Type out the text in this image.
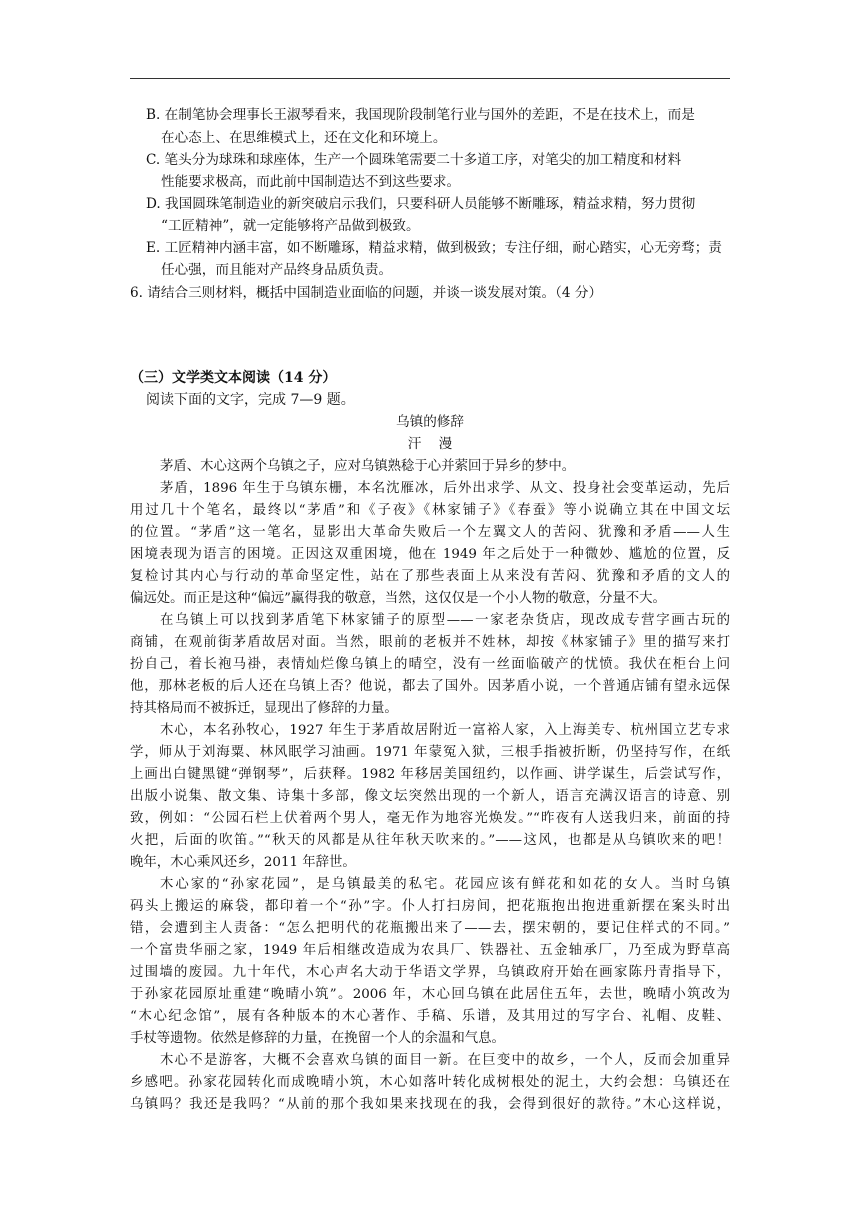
B. 在制笔协会理事长王淑琴看来，我国现阶段制笔行业与国外的差距，不是在技术上，而是
在心态上、在思维模式上，还在文化和环境上。
C. 笔头分为球珠和球座体，生产一个圆珠笔需要二十多道工序，对笔尖的加工精度和材料
性能要求极高，而此前中国制造达不到这些要求。
D. 我国圆珠笔制造业的新突破启示我们，只要科研人员能够不断雕琢，精益求精，努力贯彻
“工匠精神”，就一定能够将产品做到极致。
E. 工匠精神内涵丰富，如不断雕琢，精益求精，做到极致；专注仔细，耐心踏实，心无旁骛；责
任心强，而且能对产品终身品质负责。
6. 请结合三则材料，概括中国制造业面临的问题，并谈一谈发展对策。（4 分）
（三）文学类文本阅读（14 分）
阅读下面的文字，完成 7—9 题。
乌镇的修辞
汗    漫
茅盾、木心这两个乌镇之子，应对乌镇熟稔于心并萦回于异乡的梦中。
茅盾，1896 年生于乌镇东栅，本名沈雁冰，后外出求学、从文、投身社会变革运动，先后
用过几十个笔名，最终以“茅盾”和《子夜》《林家铺子》《春蚕》等小说确立其在中国文坛
的位置。“茅盾”这一笔名，显影出大革命失败后一个左翼文人的苦闷、犹豫和矛盾——人生
困境表现为语言的困境。正因这双重困境，他在 1949 年之后处于一种微妙、尴尬的位置，反
复检讨其内心与行动的革命坚定性，站在了那些表面上从来没有苦闷、犹豫和矛盾的文人的
偏远处。而正是这种“偏远”赢得我的敬意，当然，这仅仅是一个小人物的敬意，分量不大。
在乌镇上可以找到茅盾笔下林家铺子的原型——一家老杂货店，现改成专营字画古玩的
商铺，在观前街茅盾故居对面。当然，眼前的老板并不姓林，却按《林家铺子》里的描写来打
扮自己，着长袍马褂，表情灿烂像乌镇上的晴空，没有一丝面临破产的忧愤。我伏在柜台上问
他，那林老板的后人还在乌镇上否？他说，都去了国外。因茅盾小说，一个普通店铺有望永远保
持其格局而不被拆迁，显现出了修辞的力量。
木心，本名孙牧心，1927 年生于茅盾故居附近一富裕人家，入上海美专、杭州国立艺专求
学，师从于刘海粟、林风眠学习油画。1971 年蒙冤入狱，三根手指被折断，仍坚持写作，在纸
上画出白键黑键“弹钢琴”，后获释。1982 年移居美国纽约，以作画、讲学谋生，后尝试写作，
出版小说集、散文集、诗集十多部，像文坛突然出现的一个新人，语言充满汉语言的诗意、别
致，例如：“公园石栏上伏着两个男人，毫无作为地容光焕发。”“昨夜有人送我归来，前面的持
火把，后面的吹笛。”“秋天的风都是从往年秋天吹来的。”——这风，也都是从乌镇吹来的吧！
晚年，木心乘风还乡，2011 年辞世。
木心家的“孙家花园”，是乌镇最美的私宅。花园应该有鲜花和如花的女人。当时乌镇
码头上搬运的麻袋，都印着一个“孙”字。仆人打扫房间，把花瓶抱出抱进重新摆在案头时出
错，会遭到主人责备：“怎么把明代的花瓶搬出来了——去，摆宋朝的，要记住样式的不同。”
一个富贵华丽之家，1949 年后相继改造成为农具厂、铁器社、五金轴承厂，乃至成为野草高
过围墙的废园。九十年代，木心声名大动于华语文学界，乌镇政府开始在画家陈丹青指导下，
于孙家花园原址重建“晚晴小筑”。2006 年，木心回乌镇在此居住五年，去世，晚晴小筑改为
“木心纪念馆”，展有各种版本的木心著作、手稿、乐谱，及其用过的写字台、礼帽、皮鞋、
手杖等遗物。依然是修辞的力量，在挽留一个人的余温和气息。
木心不是游客，大概不会喜欢乌镇的面目一新。在巨变中的故乡，一个人，反而会加重异
乡感吧。孙家花园转化而成晚晴小筑，木心如落叶转化成树根处的泥土，大约会想：乌镇还在
乌镇吗？我还是我吗？“从前的那个我如果来找现在的我，会得到很好的款待。”木心这样说，
